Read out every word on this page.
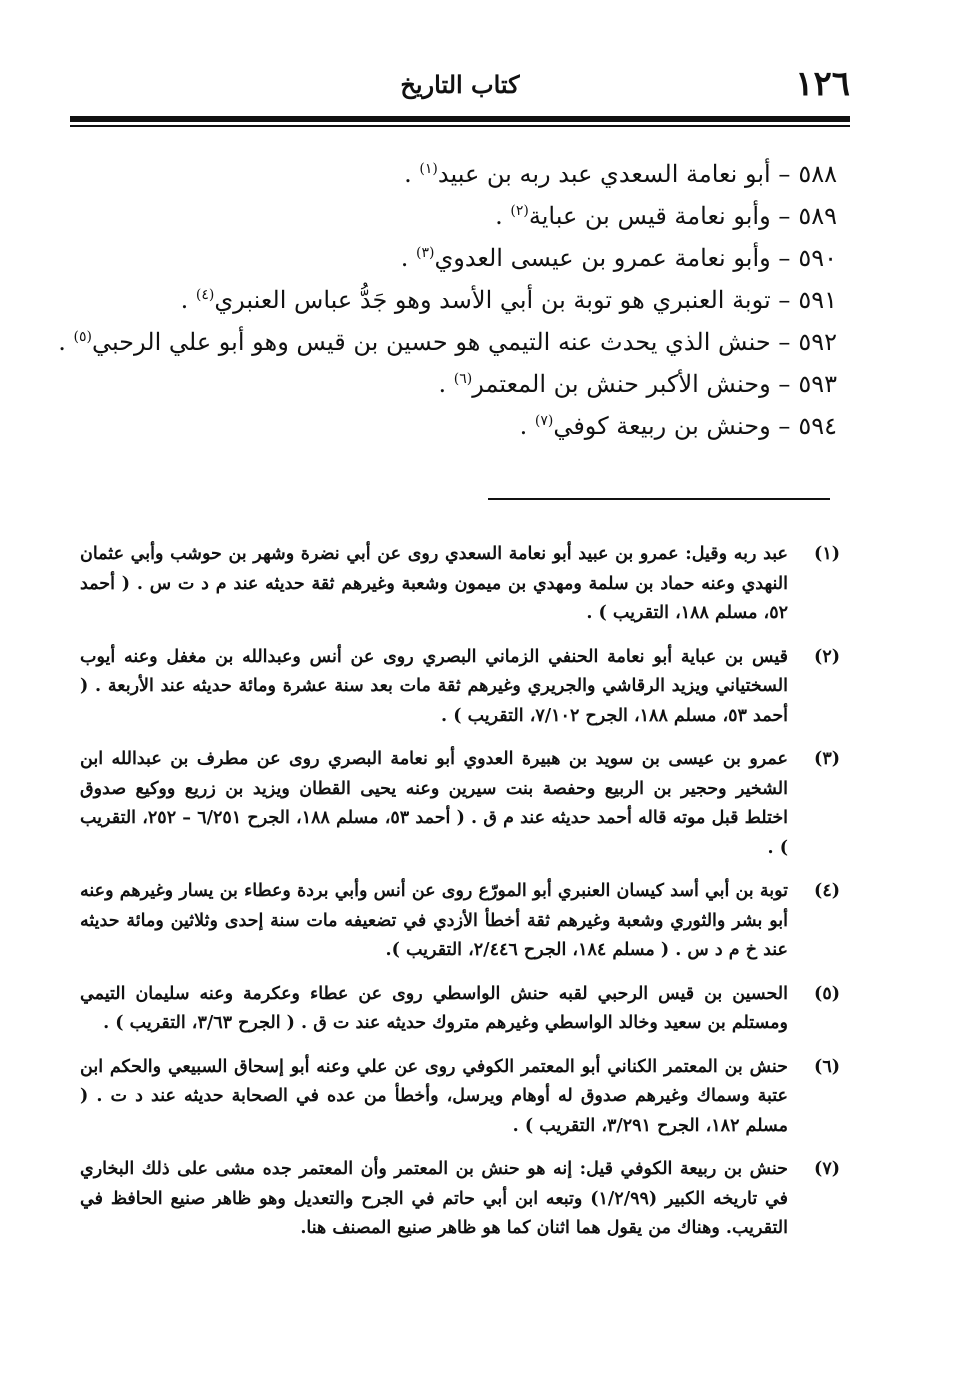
١٢٦
كتاب التاريخ
٥٨٨– أبو نعامة السعدي عبد ربه بن عبيد$^{(١)}$ .
٥٨٩– وأبو نعامة قيس بن عباية$^{(٢)}$ .
٥٩٠– وأبو نعامة عمرو بن عيسى العدوي$^{(٣)}$ .
٥٩١– توبة العنبري هو توبة بن أبي الأسد وهو جَدُّ عباس العنبري$^{(٤)}$ .
٥٩٢– حنش الذي يحدث عنه التيمي هو حسين بن قيس وهو أبو علي الرحبي$^{(٥)}$ .
٥٩٣– وحنش الأكبر حنش بن المعتمر$^{(٦)}$ .
٥٩٤– وحنش بن ربيعة كوفي$^{(٧)}$ .
(١)
عبد ربه وقيل: عمرو بن عبيد أبو نعامة السعدي روى عن أبي نضرة وشهر بن حوشب وأبي عثمان النهدي وعنه حماد بن سلمة ومهدي بن ميمون وشعبة وغيرهم ثقة حديثه عند م د ت س . ( أحمد ٥٢، مسلم ١٨٨، التقريب ) .
(٢)
قيس بن عباية أبو نعامة الحنفي الزماني البصري روى عن أنس وعبدالله بن مغفل وعنه أيوب السختياني ويزيد الرقاشي والجريري وغيرهم ثقة مات بعد سنة عشرة ومائة حديثه عند الأربعة . ( أحمد ٥٣، مسلم ١٨٨، الجرح ٧/١٠٢، التقريب ) .
(٣)
عمرو بن عيسى بن سويد بن هبيرة العدوي أبو نعامة البصري روى عن مطرف بن عبدالله ابن الشخير وحجير بن الربيع وحفصة بنت سيرين وعنه يحيى القطان ويزيد بن زريع ووكيع صدوق اختلط قبل موته قاله أحمد حديثه عند م ق . ( أحمد ٥٣، مسلم ١٨٨، الجرح ٦/٢٥١ – ٢٥٢، التقريب ) .
(٤)
توبة بن أبي أسد كيسان العنبري أبو المورّع روى عن أنس وأبي بردة وعطاء بن يسار وغيرهم وعنه أبو بشر والثوري وشعبة وغيرهم ثقة أخطأ الأزدي في تضعيفه مات سنة إحدى وثلاثين ومائة حديثه عند خ م د س . ( مسلم ١٨٤، الجرح ٢/٤٤٦، التقريب ).
(٥)
الحسين بن قيس الرحبي لقبه حنش الواسطي روى عن عطاء وعكرمة وعنه سليمان التيمي ومستلم بن سعيد وخالد الواسطي وغيرهم متروك حديثه عند ت ق . ( الجرح ٣/٦٣، التقريب ) .
(٦)
حنش بن المعتمر الكناني أبو المعتمر الكوفي روى عن علي وعنه أبو إسحاق السبيعي والحكم ابن عتبة وسماك وغيرهم صدوق له أوهام ويرسل، وأخطأ من عده في الصحابة حديثه عند د ت . ( مسلم ١٨٢، الجرح ٣/٢٩١، التقريب ) .
(٧)
حنش بن ربيعة الكوفي قيل: إنه هو حنش بن المعتمر وأن المعتمر جده مشى على ذلك البخاري في تاريخه الكبير (١/٢/٩٩) وتبعه ابن أبي حاتم في الجرح والتعديل وهو ظاهر صنيع الحافظ في التقريب. وهناك من يقول هما اثنان كما هو ظاهر صنيع المصنف هنا.
